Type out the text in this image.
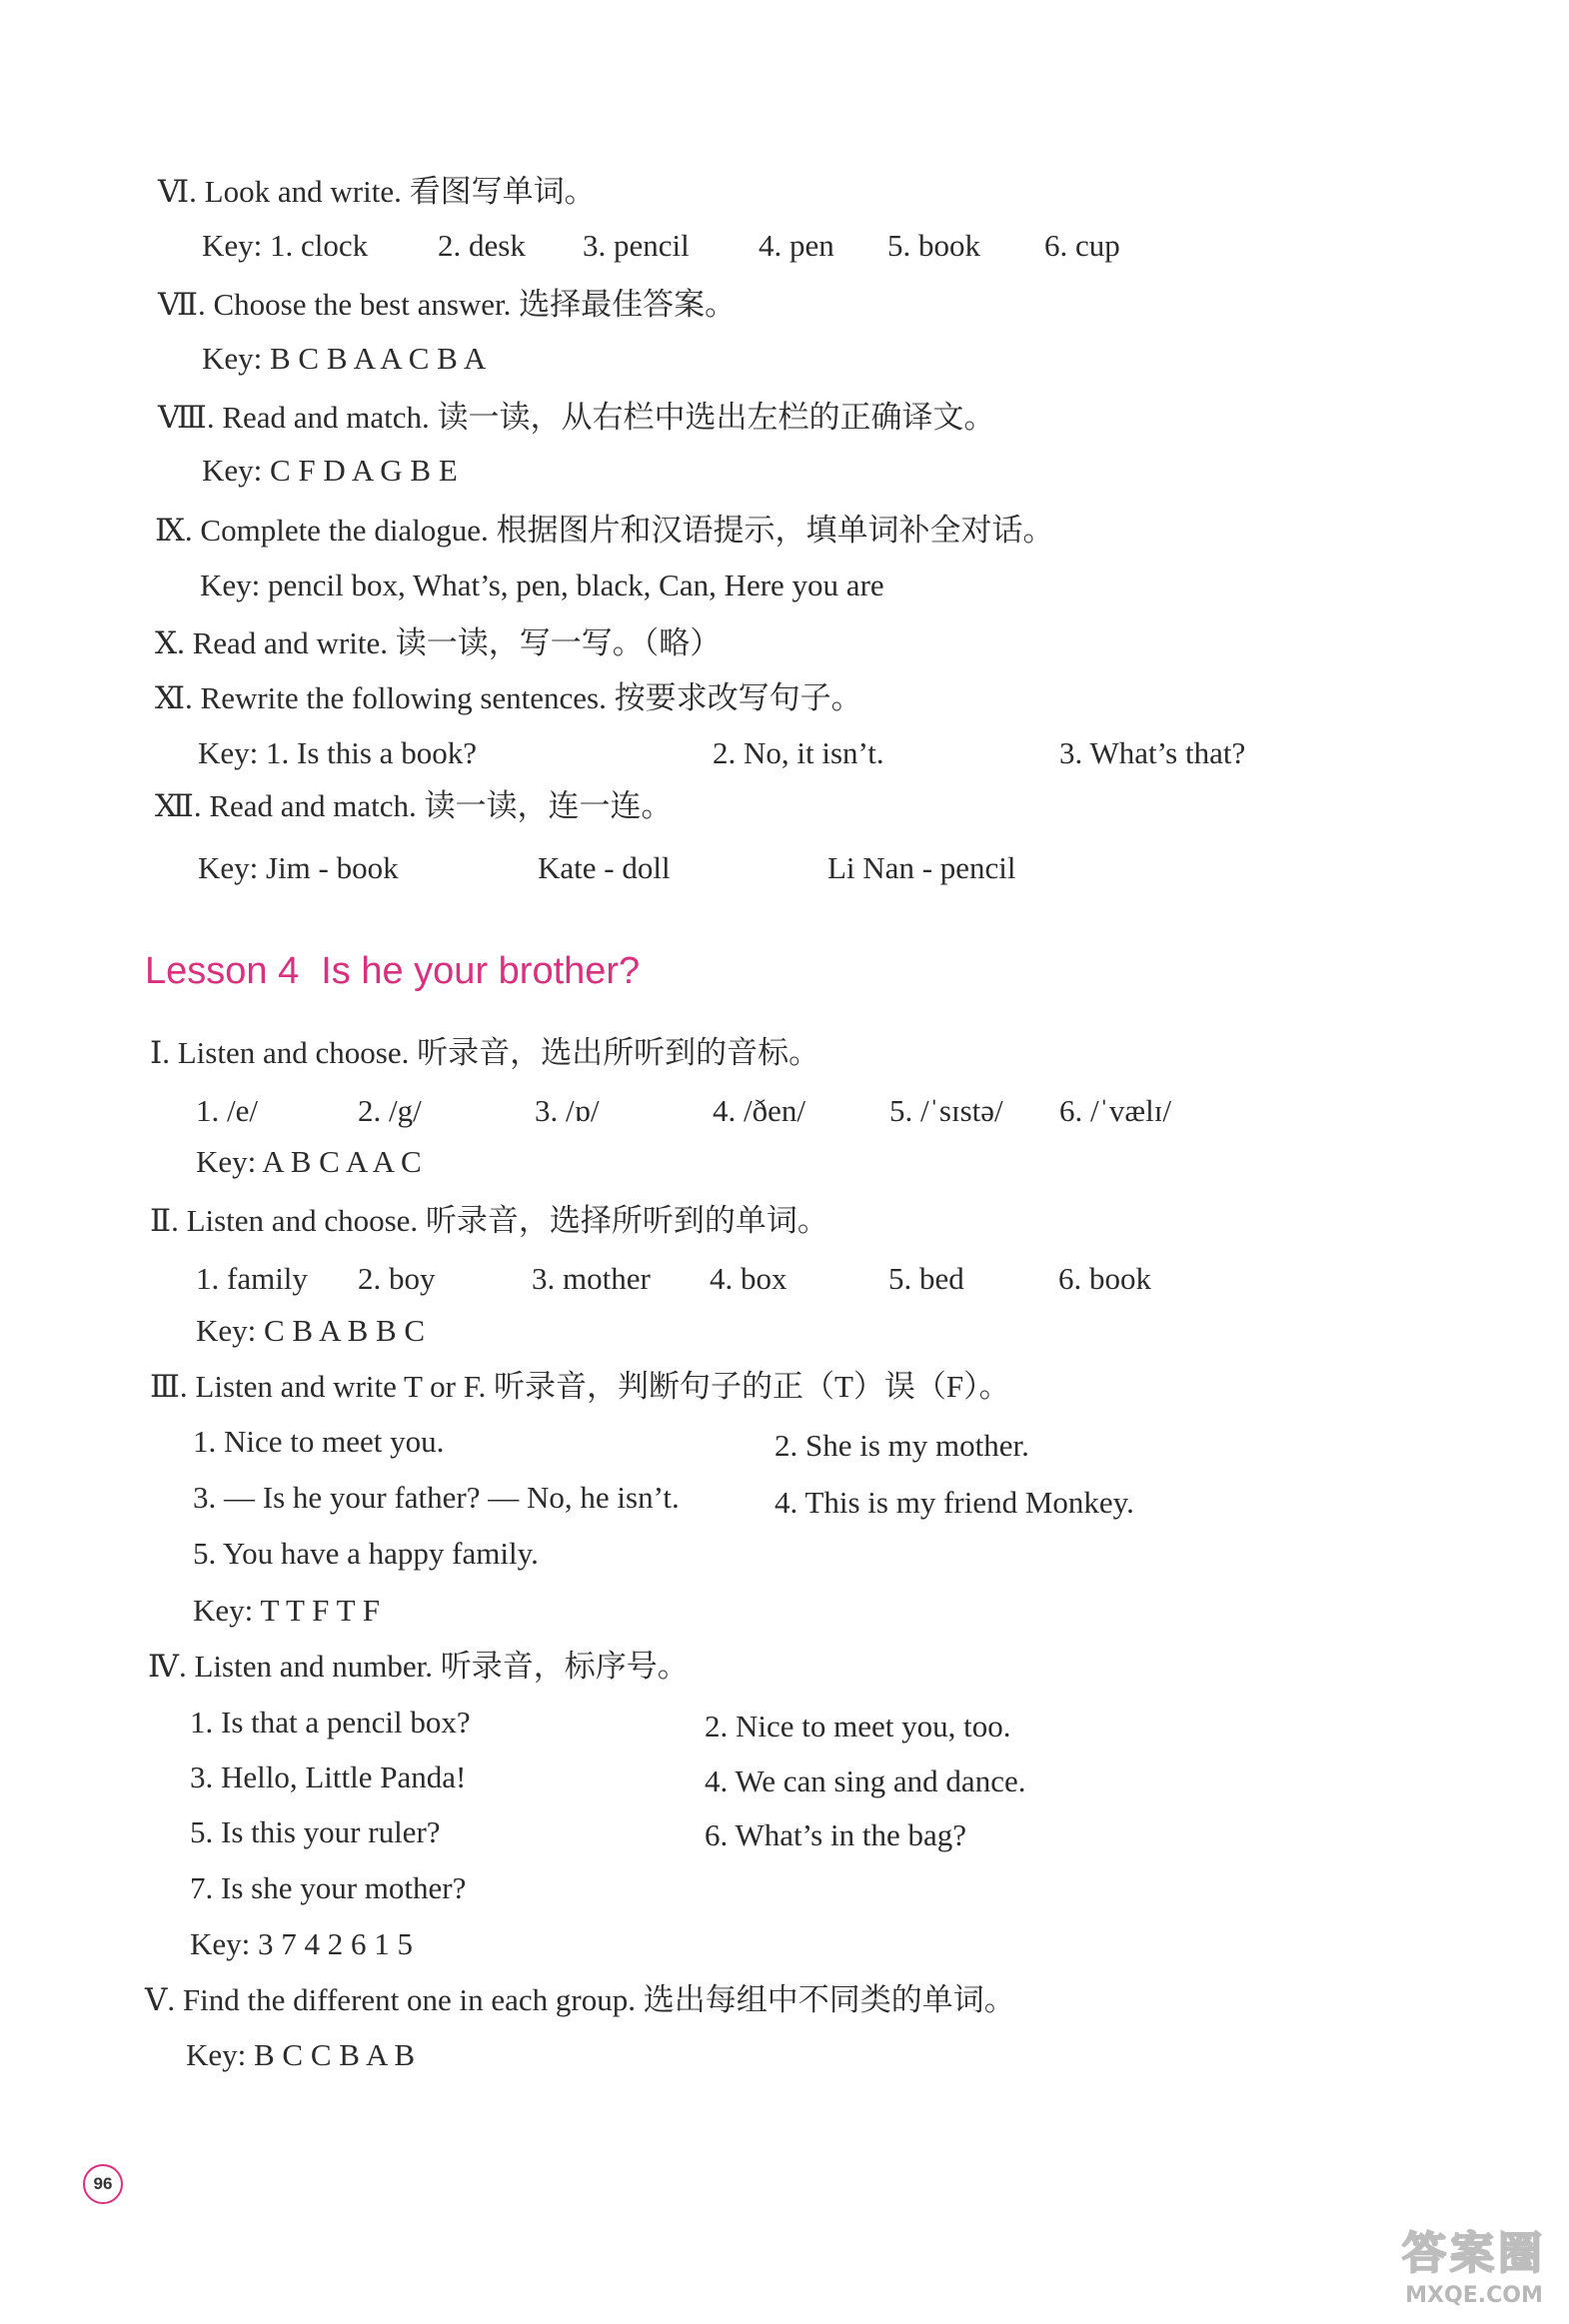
Ⅵ. Look and write. 看图写单词。
Key: 1. clock 2. desk 3. pencil 4. pen 5. book 6. cup
Ⅶ. Choose the best answer. 选择最佳答案。
Key: B C B A A C B A
Ⅷ. Read and match. 读一读，从右栏中选出左栏的正确译文。
Key: C F D A G B E
Ⅸ. Complete the dialogue. 根据图片和汉语提示，填单词补全对话。
Key: pencil box, What’s, pen, black, Can, Here you are
Ⅹ. Read and write. 读一读，写一写。（略）
Ⅺ. Rewrite the following sentences. 按要求改写句子。
Key: 1. Is this a book?	2. No, it isn’t.	3. What’s that?
Ⅻ. Read and match. 读一读，连一连。
Key: Jim - book	Kate - doll	Li Nan - pencil
Lesson 4 Is he your brother?
Ⅰ. Listen and choose. 听录音，选出所听到的音标。
1. /e/	2. /g/	3. /ɒ/	4. /ðen/	5. /ˈsɪstə/ 6. /ˈvælɪ/
Key: A B C A A C
Ⅱ. Listen and choose. 听录音，选择所听到的单词。
1. family 2. boy	3. mother 4. box	5. bed	6. book
Key: C B A B B C
Ⅲ. Listen and write T or F. 听录音，判断句子的正（T）误（F）。
1. Nice to meet you.	2. She is my mother.
3. — Is he your father? — No, he isn’t.	4. This is my friend Monkey.
5. You have a happy family.
Key: T T F T F
Ⅳ. Listen and number. 听录音，标序号。
1. Is that a pencil box?	2. Nice to meet you, too.
3. Hello, Little Panda!	4. We can sing and dance.
5. Is this your ruler?	6. What’s in the bag?
7. Is she your mother?
Key: 3 7 4 2 6 1 5
Ⅴ. Find the different one in each group. 选出每组中不同类的单词。
Key: B C C B A B
96
答案圈
MXQE.COM
